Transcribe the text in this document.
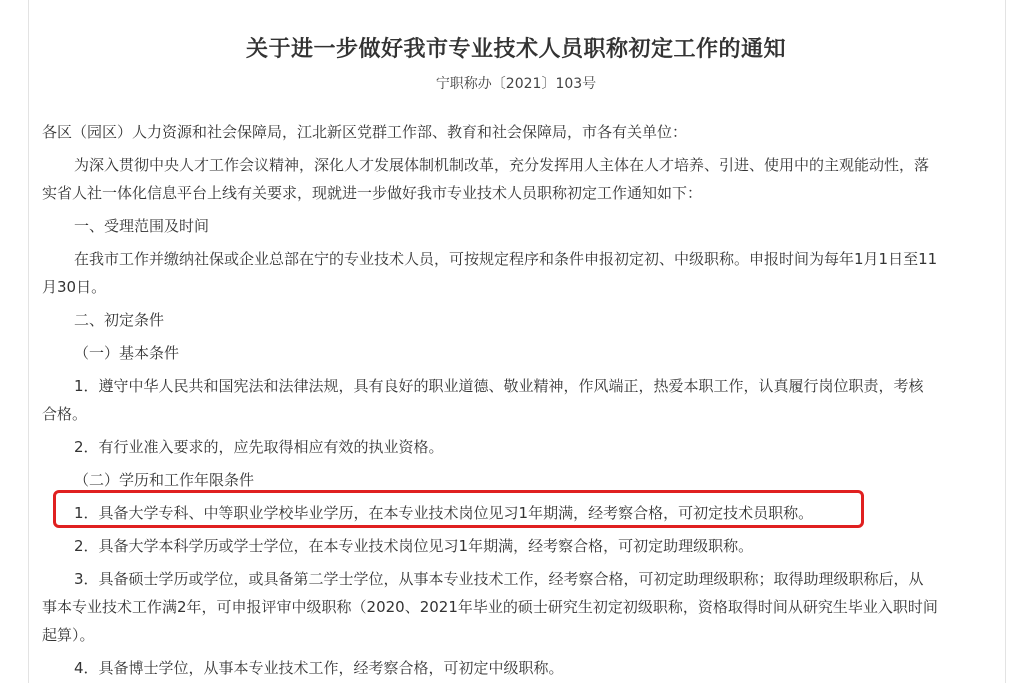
关于进一步做好我市专业技术人员职称初定工作的通知
宁职称办〔2021〕103号
各区（园区）人力资源和社会保障局，江北新区党群工作部、教育和社会保障局，市各有关单位：
为深入贯彻中央人才工作会议精神，深化人才发展体制机制改革，充分发挥用人主体在人才培养、引进、使用中的主观能动性，落
实省人社一体化信息平台上线有关要求，现就进一步做好我市专业技术人员职称初定工作通知如下：
一、受理范围及时间
在我市工作并缴纳社保或企业总部在宁的专业技术人员，可按规定程序和条件申报初定初、中级职称。申报时间为每年1月1日至11
月30日。
二、初定条件
（一）基本条件
1．遵守中华人民共和国宪法和法律法规，具有良好的职业道德、敬业精神，作风端正，热爱本职工作，认真履行岗位职责，考核
合格。
2．有行业准入要求的，应先取得相应有效的执业资格。
（二）学历和工作年限条件
1．具备大学专科、中等职业学校毕业学历，在本专业技术岗位见习1年期满，经考察合格，可初定技术员职称。
2．具备大学本科学历或学士学位，在本专业技术岗位见习1年期满，经考察合格，可初定助理级职称。
3．具备硕士学历或学位，或具备第二学士学位，从事本专业技术工作，经考察合格，可初定助理级职称；取得助理级职称后，从
事本专业技术工作满2年，可申报评审中级职称（2020、2021年毕业的硕士研究生初定初级职称，资格取得时间从研究生毕业入职时间
起算）。
4．具备博士学位，从事本专业技术工作，经考察合格，可初定中级职称。
